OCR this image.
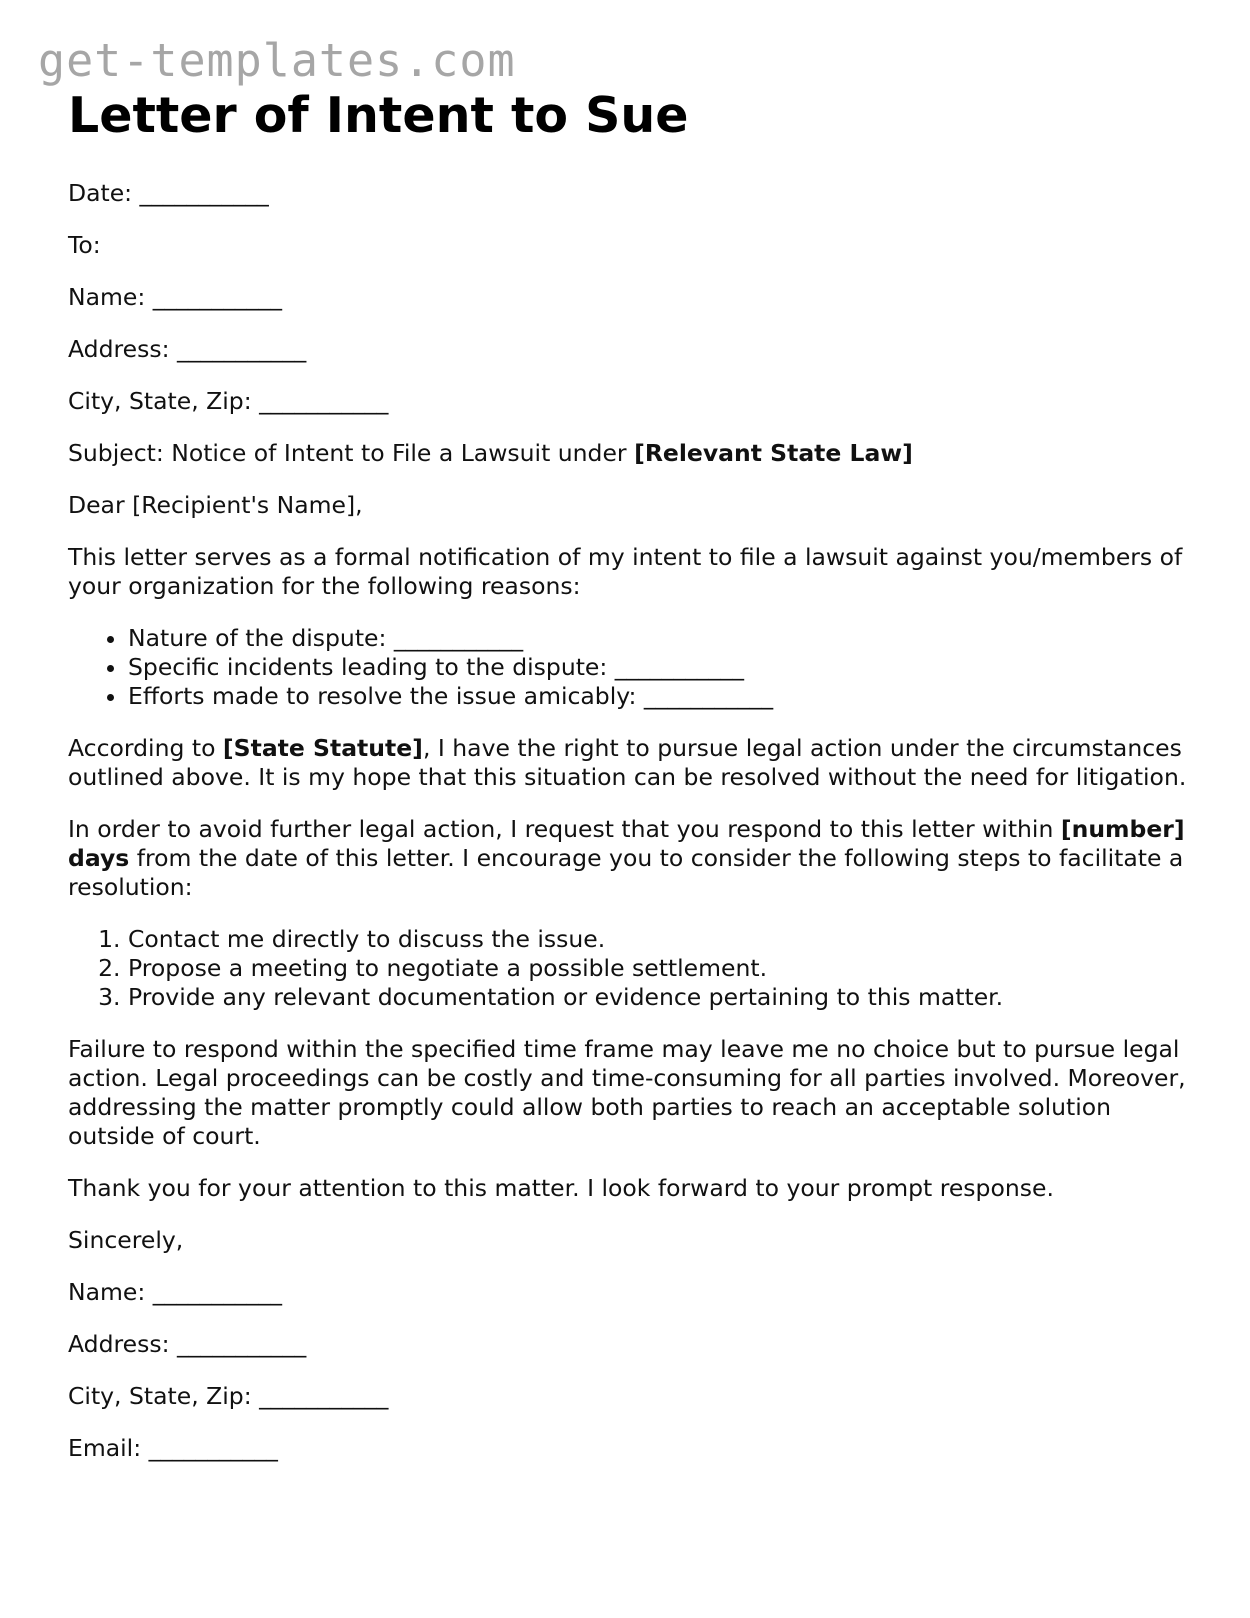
get-templates.com
Letter of Intent to Sue
Date: ___________
To:
Name: ___________
Address: ___________
City, State, Zip: ___________

Subject: Notice of Intent to File a Lawsuit under [Relevant State Law]

Dear [Recipient's Name],

This letter serves as a formal notification of my intent to file a lawsuit against you/members of your organization for the following reasons:

• Nature of the dispute: ___________
• Specific incidents leading to the dispute: ___________
• Efforts made to resolve the issue amicably: ___________

According to [State Statute], I have the right to pursue legal action under the circumstances outlined above. It is my hope that this situation can be resolved without the need for litigation.

In order to avoid further legal action, I request that you respond to this letter within [number] days from the date of this letter. I encourage you to consider the following steps to facilitate a resolution:

1. Contact me directly to discuss the issue.
2. Propose a meeting to negotiate a possible settlement.
3. Provide any relevant documentation or evidence pertaining to this matter.

Failure to respond within the specified time frame may leave me no choice but to pursue legal action. Legal proceedings can be costly and time-consuming for all parties involved. Moreover, addressing the matter promptly could allow both parties to reach an acceptable solution outside of court.

Thank you for your attention to this matter. I look forward to your prompt response.

Sincerely,
Name: ___________
Address: ___________
City, State, Zip: ___________
Email: ___________
